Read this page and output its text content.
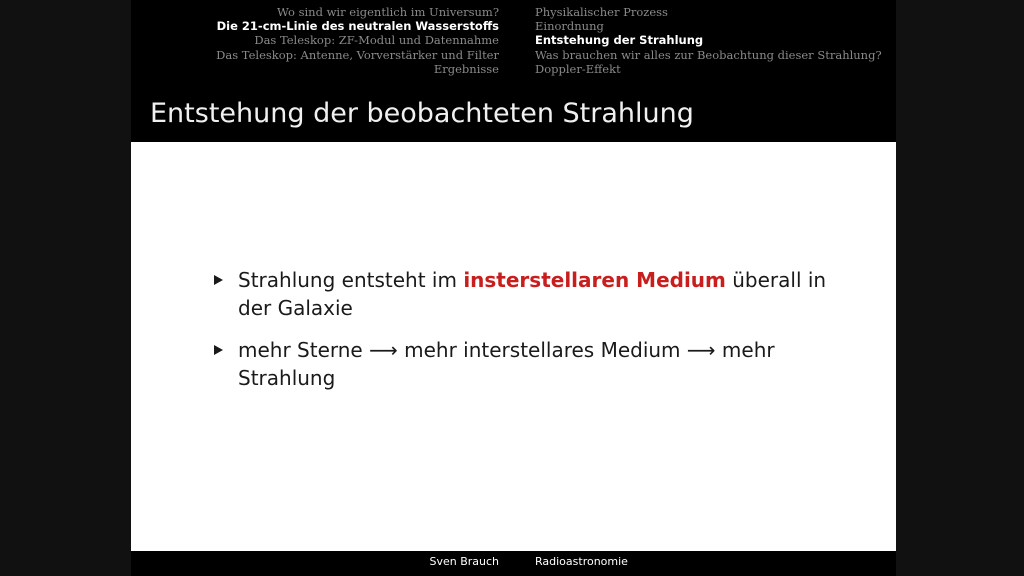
Wo sind wir eigentlich im Universum?
Die 21-cm-Linie des neutralen Wasserstoffs
Das Teleskop: ZF-Modul und Datennahme
Das Teleskop: Antenne, Vorverstärker und Filter
Ergebnisse
Physikalischer Prozess
Einordnung
Entstehung der Strahlung
Was brauchen wir alles zur Beobachtung dieser Strahlung?
Doppler-Effekt
Entstehung der beobachteten Strahlung
Strahlung entsteht im insterstellaren Medium überall in der Galaxie
mehr Sterne ⟶ mehr interstellares Medium ⟶ mehr Strahlung
Sven Brauch	Radioastronomie
